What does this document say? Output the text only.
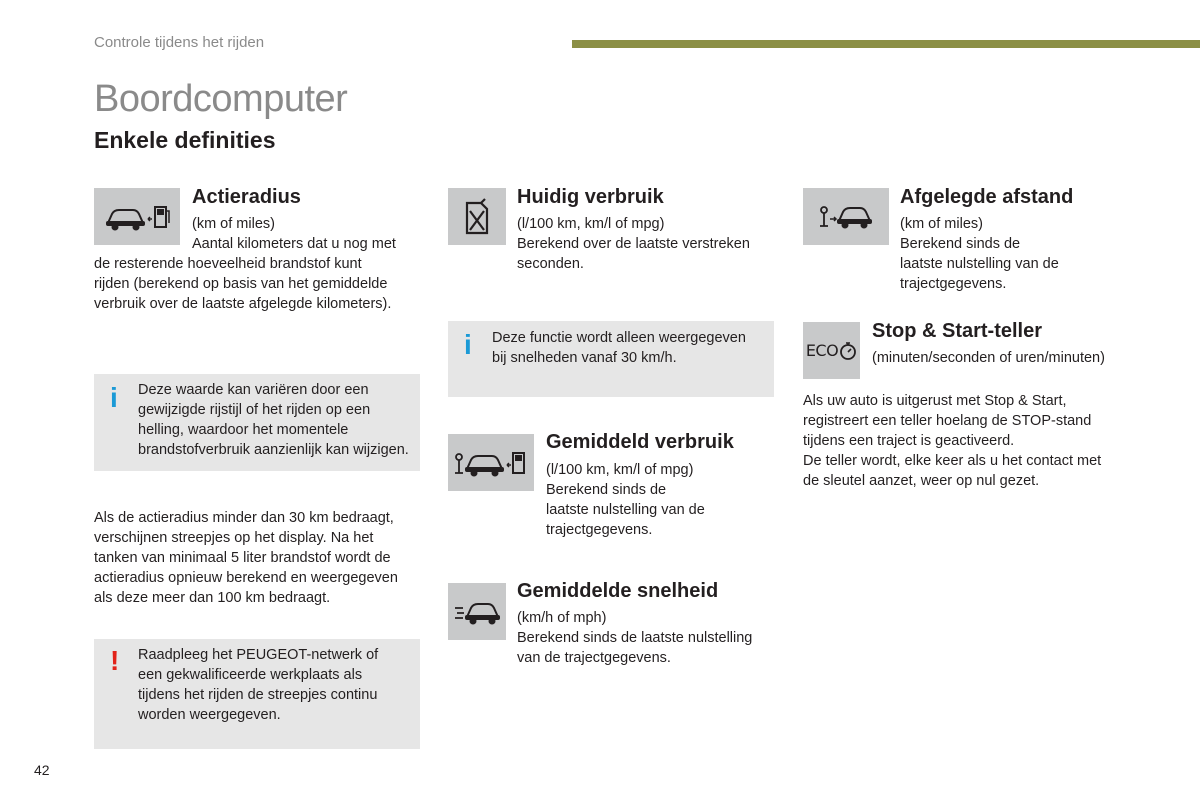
Controle tijdens het rijden
Boordcomputer
Enkele definities
Actieradius
(km of miles)
Aantal kilometers dat u nog met
de resterende hoeveelheid brandstof kunt
rijden (berekend op basis van het gemiddelde
verbruik over de laatste afgelegde kilometers).
i Deze waarde kan variëren door een
gewijzigde rijstijl of het rijden op een
helling, waardoor het momentele
brandstofverbruik aanzienlijk kan wijzigen.
Als de actieradius minder dan 30 km bedraagt,
verschijnen streepjes op het display. Na het
tanken van minimaal 5 liter brandstof wordt de
actieradius opnieuw berekend en weergegeven
als deze meer dan 100 km bedraagt.
! Raadpleeg het PEUGEOT-netwerk of
een gekwalificeerde werkplaats als
tijdens het rijden de streepjes continu
worden weergegeven.
Huidig verbruik
(l/100 km, km/l of mpg)
Berekend over de laatste verstreken
seconden.
i Deze functie wordt alleen weergegeven
bij snelheden vanaf 30 km/h.
Gemiddeld verbruik
(l/100 km, km/l of mpg)
Berekend sinds de
laatste nulstelling van de
trajectgegevens.
Gemiddelde snelheid
(km/h of mph)
Berekend sinds de laatste nulstelling
van de trajectgegevens.
Afgelegde afstand
(km of miles)
Berekend sinds de
laatste nulstelling van de
trajectgegevens.
ECO
Stop & Start-teller
(minuten/seconden of uren/minuten)
Als uw auto is uitgerust met Stop & Start,
registreert een teller hoelang de STOP-stand
tijdens een traject is geactiveerd.
De teller wordt, elke keer als u het contact met
de sleutel aanzet, weer op nul gezet.
42
